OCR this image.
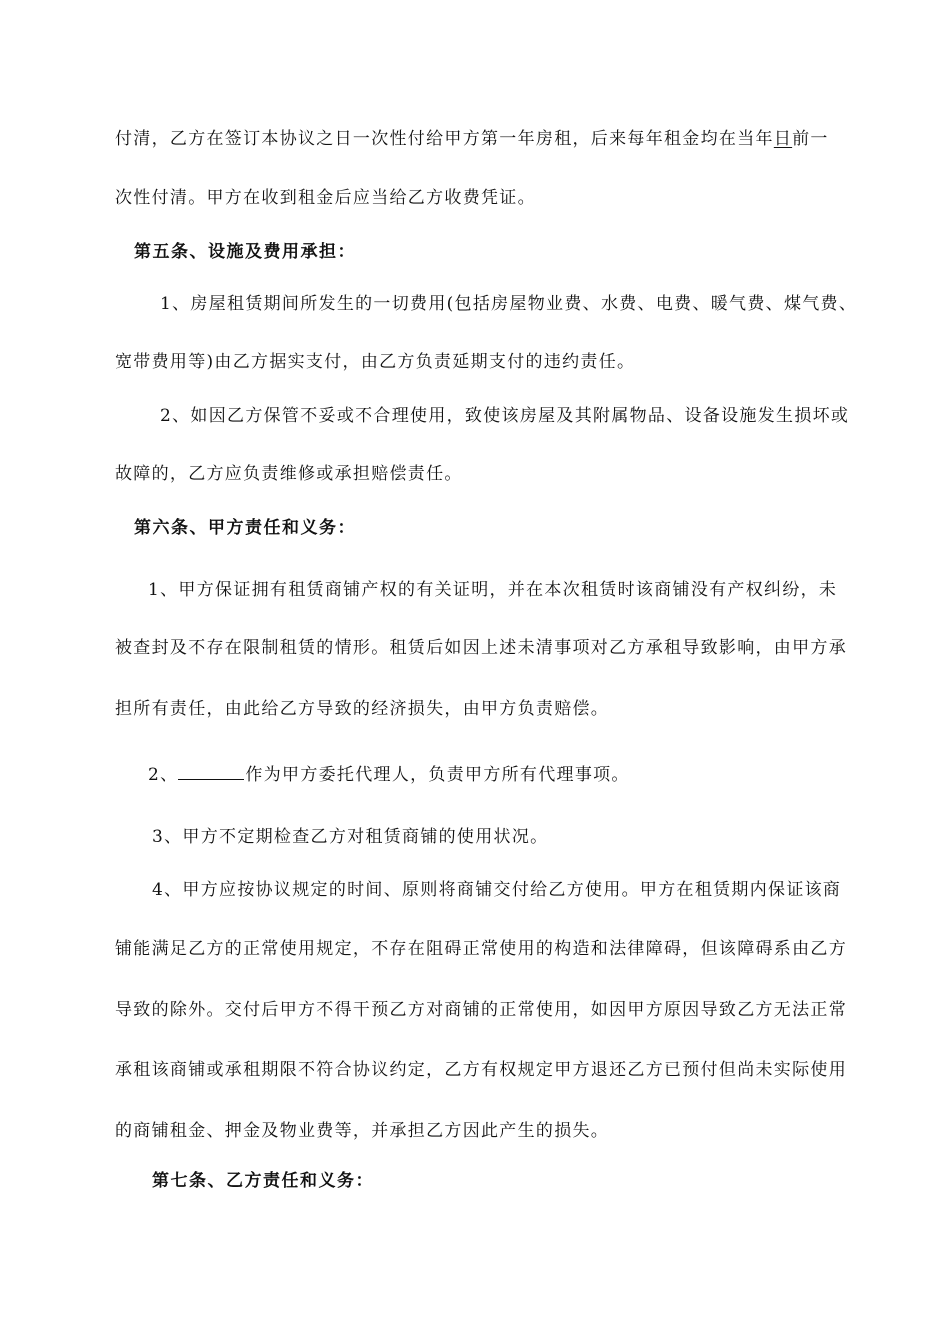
付清，乙方在签订本协议之日一次性付给甲方第一年房租，后来每年租金均在当年日前一
次性付清。甲方在收到租金后应当给乙方收费凭证。
第五条、设施及费用承担：
1、房屋租赁期间所发生的一切费用(包括房屋物业费、水费、电费、暖气费、煤气费、
宽带费用等)由乙方据实支付，由乙方负责延期支付的违约责任。
2、如因乙方保管不妥或不合理使用，致使该房屋及其附属物品、设备设施发生损坏或
故障的，乙方应负责维修或承担赔偿责任。
第六条、甲方责任和义务：
1、甲方保证拥有租赁商铺产权的有关证明，并在本次租赁时该商铺没有产权纠纷，未
被查封及不存在限制租赁的情形。租赁后如因上述未清事项对乙方承租导致影响，由甲方承
担所有责任，由此给乙方导致的经济损失，由甲方负责赔偿。
2、	作为甲方委托代理人，负责甲方所有代理事项。
3、甲方不定期检查乙方对租赁商铺的使用状况。
4、甲方应按协议规定的时间、原则将商铺交付给乙方使用。甲方在租赁期内保证该商
铺能满足乙方的正常使用规定，不存在阻碍正常使用的构造和法律障碍，但该障碍系由乙方
导致的除外。交付后甲方不得干预乙方对商铺的正常使用，如因甲方原因导致乙方无法正常
承租该商铺或承租期限不符合协议约定，乙方有权规定甲方退还乙方已预付但尚未实际使用
的商铺租金、押金及物业费等，并承担乙方因此产生的损失。
第七条、乙方责任和义务：
